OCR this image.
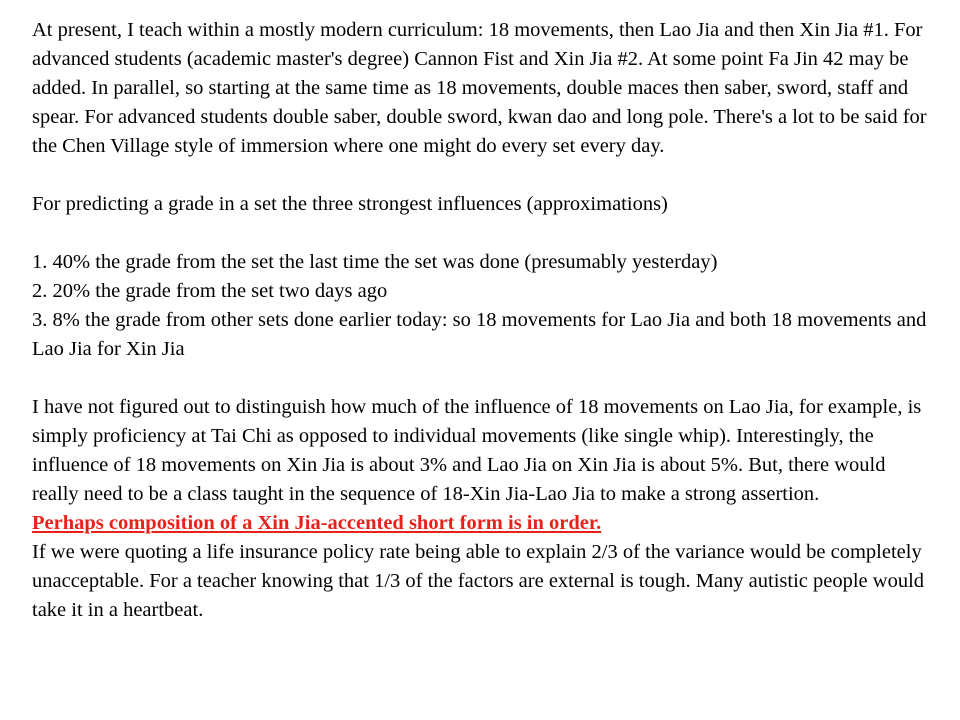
At present, I teach within a mostly modern curriculum: 18 movements, then Lao Jia and then Xin Jia #1. For advanced students (academic master's degree) Cannon Fist and Xin Jia #2. At some point Fa Jin 42 may be added. In parallel, so starting at the same time as 18 movements, double maces then saber, sword, staff and spear. For advanced students double saber, double sword, kwan dao and long pole. There's a lot to be said for the Chen Village style of immersion where one might do every set every day.

For predicting a grade in a set the three strongest influences (approximations)

1. 40% the grade from the set the last time the set was done (presumably yesterday)

2. 20% the grade from the set two days ago

3. 8% the grade from other sets done earlier today: so 18 movements for Lao Jia and both 18 movements and Lao Jia for Xin Jia

I have not figured out to distinguish how much of the influence of 18 movements on Lao Jia, for example, is simply proficiency at Tai Chi as opposed to individual movements (like single whip). Interestingly, the influence of 18 movements on Xin Jia is about 3% and Lao Jia on Xin Jia is about 5%. But, there would really need to be a class taught in the sequence of 18-Xin Jia-Lao Jia to make a strong assertion.

Perhaps composition of a Xin Jia-accented short form is in order.

If we were quoting a life insurance policy rate being able to explain 2/3 of the variance would be completely unacceptable. For a teacher knowing that 1/3 of the factors are external is tough. Many autistic people would take it in a heartbeat.
